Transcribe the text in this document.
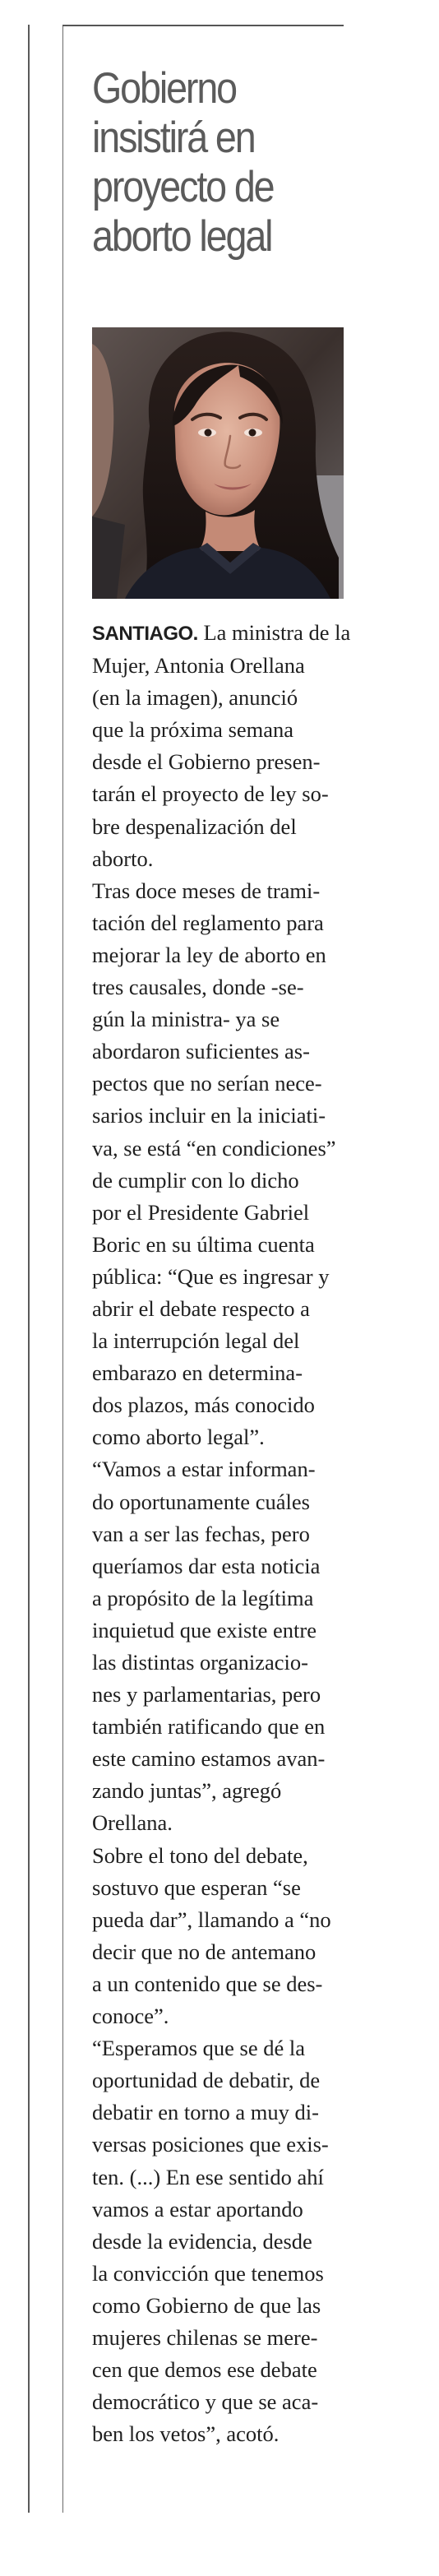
Gobierno
insistirá en
proyecto de
aborto legal

SANTIAGO. La ministra de la
Mujer, Antonia Orellana
(en la imagen), anunció
que la próxima semana
desde el Gobierno presen-
tarán el proyecto de ley so-
bre despenalización del
aborto.

Tras doce meses de trami-
tación del reglamento para
mejorar la ley de aborto en
tres causales, donde -se-
gún la ministra- ya se
abordaron suficientes as-
pectos que no serían nece-
sarios incluir en la iniciati-
va, se está “en condiciones”
de cumplir con lo dicho
por el Presidente Gabriel
Boric en su última cuenta
pública: “Que es ingresar y
abrir el debate respecto a
la interrupción legal del
embarazo en determina-
dos plazos, más conocido
como aborto legal”.

“Vamos a estar informan-
do oportunamente cuáles
van a ser las fechas, pero
queríamos dar esta noticia
a propósito de la legítima
inquietud que existe entre
las distintas organizacio-
nes y parlamentarias, pero
también ratificando que en
este camino estamos avan-
zando juntas”, agregó
Orellana.

Sobre el tono del debate,
sostuvo que esperan “se
pueda dar”, llamando a “no
decir que no de antemano
a un contenido que se des-
conoce”.

“Esperamos que se dé la
oportunidad de debatir, de
debatir en torno a muy di-
versas posiciones que exis-
ten. (...) En ese sentido ahí
vamos a estar aportando
desde la evidencia, desde
la convicción que tenemos
como Gobierno de que las
mujeres chilenas se mere-
cen que demos ese debate
democrático y que se aca-
ben los vetos”, acotó.
